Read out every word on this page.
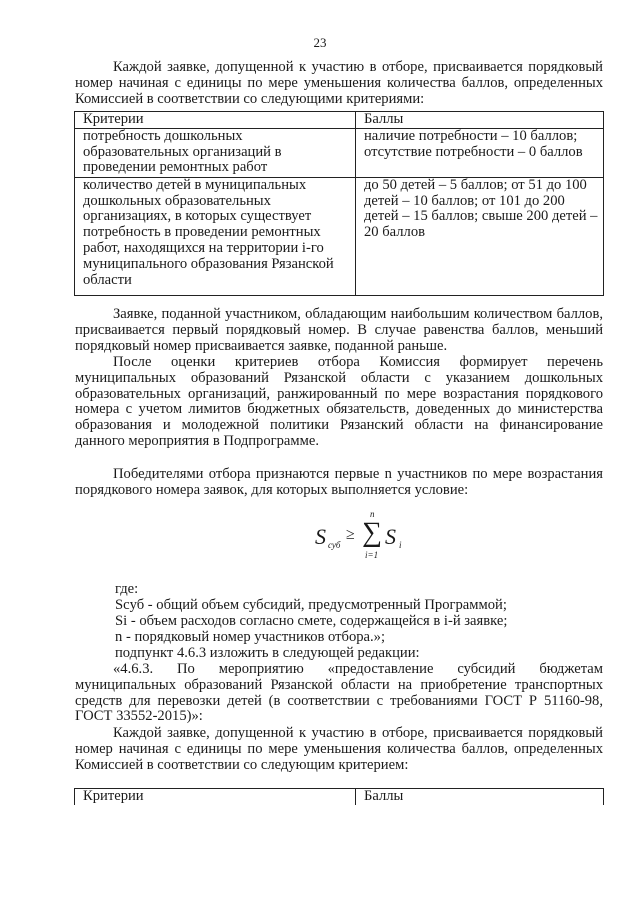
23
Каждой заявке, допущенной к участию в отборе, присваивается порядковый номер начиная с единицы по мере уменьшения количества баллов, определенных Комиссией в соответствии со следующими критериями:
Критерии	Баллы
потребность дошкольных образовательных организаций в проведении ремонтных работ	наличие потребности – 10 баллов; отсутствие потребности – 0 баллов
количество детей в муниципальных дошкольных образовательных организациях, в которых существует потребность в проведении ремонтных работ, находящихся на территории i-го муниципального образования Рязанской области	до 50 детей – 5 баллов; от 51 до 100 детей – 10 баллов; от 101 до 200 детей – 15 баллов; свыше 200 детей – 20 баллов
Заявке, поданной участником, обладающим наибольшим количеством баллов, присваивается первый порядковый номер. В случае равенства баллов, меньший порядковый номер присваивается заявке, поданной раньше.
После оценки критериев отбора Комиссия формирует перечень муниципальных образований Рязанской области с указанием дошкольных образовательных организаций, ранжированный по мере возрастания порядкового номера с учетом лимитов бюджетных обязательств, доведенных до министерства образования и молодежной политики Рязанский области на финансирование данного мероприятия в Подпрограмме.
Победителями отбора признаются первые n участников по мере возрастания порядкового номера заявок, для которых выполняется условие:
S суб
≥
n
∑
i=1
S i
где:
Scуб - общий объем субсидий, предусмотренный Программой;
Si - объем расходов согласно смете, содержащейся в i-й заявке;
n - порядковый номер участников отбора.»;
подпункт 4.6.3 изложить в следующей редакции:
«4.6.3. По мероприятию «предоставление субсидий бюджетам муниципальных образований Рязанской области на приобретение транспортных средств для перевозки детей (в соответствии с требованиями ГОСТ Р 51160-98, ГОСТ 33552-2015)»:
Каждой заявке, допущенной к участию в отборе, присваивается порядковый номер начиная с единицы по мере уменьшения количества баллов, определенных Комиссией в соответствии со следующим критерием:
Критерии	Баллы
